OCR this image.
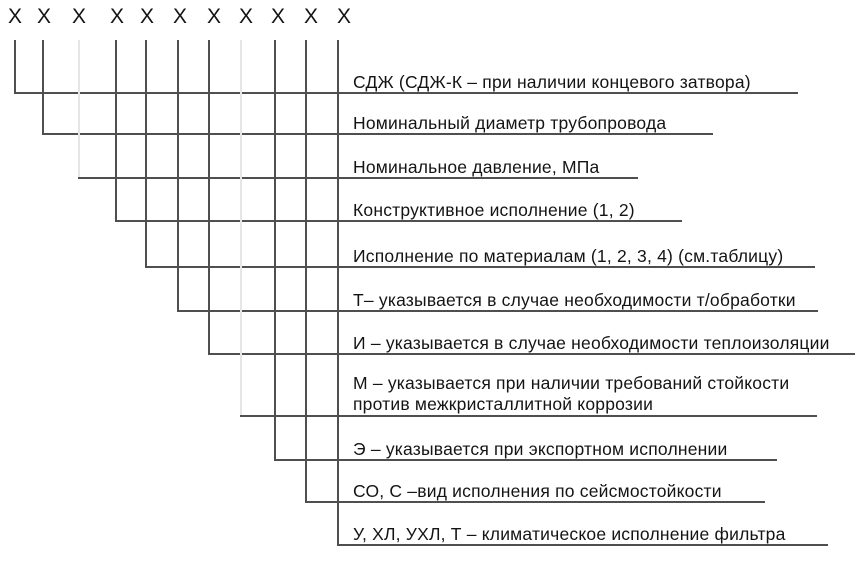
Х
СДЖ (СДЖ-К – при наличии концевого затвора)
Х
Номинальный диаметр трубопровода
Х
Номинальное давление, МПа
Х
Конструктивное исполнение (1, 2)
Х
Исполнение по материалам (1, 2, 3, 4) (см.таблицу)
Х
Т– указывается в случае необходимости т/обработки
Х
И – указывается в случае необходимости теплоизоляции
Х
М – указывается при наличии требований стойкости
против межкристаллитной коррозии
Х
Э – указывается при экспортном исполнении
Х
СО, С –вид исполнения по сейсмостойкости
Х
У, ХЛ, УХЛ, Т – климатическое исполнение фильтра
